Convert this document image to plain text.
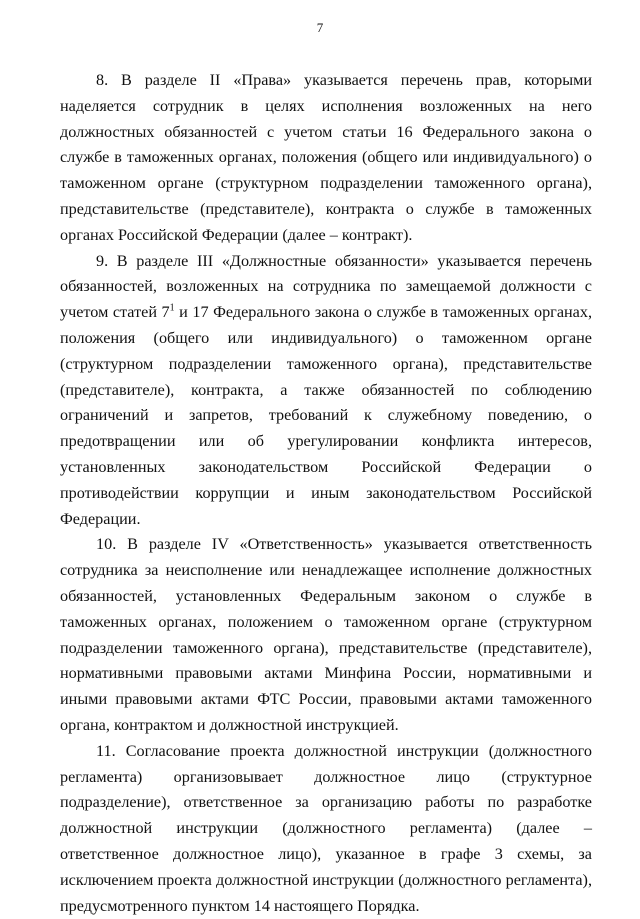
7

8. В разделе II «Права» указывается перечень прав, которыми наделяется сотрудник в целях исполнения возложенных на него должностных обязанностей с учетом статьи 16 Федерального закона о службе в таможенных органах, положения (общего или индивидуального) о таможенном органе (структурном подразделении таможенного органа), представительстве (представителе), контракта о службе в таможенных органах Российской Федерации (далее – контракт).

9. В разделе III «Должностные обязанности» указывается перечень обязанностей, возложенных на сотрудника по замещаемой должности с учетом статей $7^1$ и 17 Федерального закона о службе в таможенных органах, положения (общего или индивидуального) о таможенном органе (структурном подразделении таможенного органа), представительстве (представителе), контракта, а также обязанностей по соблюдению ограничений и запретов, требований к служебному поведению, о предотвращении или об урегулировании конфликта интересов, установленных законодательством Российской Федерации о противодействии коррупции и иным законодательством Российской Федерации.

10. В разделе IV «Ответственность» указывается ответственность сотрудника за неисполнение или ненадлежащее исполнение должностных обязанностей, установленных Федеральным законом о службе в таможенных органах, положением о таможенном органе (структурном подразделении таможенного органа), представительстве (представителе), нормативными правовыми актами Минфина России, нормативными и иными правовыми актами ФТС России, правовыми актами таможенного органа, контрактом и должностной инструкцией.

11. Согласование проекта должностной инструкции (должностного регламента) организовывает должностное лицо (структурное подразделение), ответственное за организацию работы по разработке должностной инструкции (должностного регламента) (далее – ответственное должностное лицо), указанное в графе 3 схемы, за исключением проекта должностной инструкции (должностного регламента), предусмотренного пунктом 14 настоящего Порядка.
